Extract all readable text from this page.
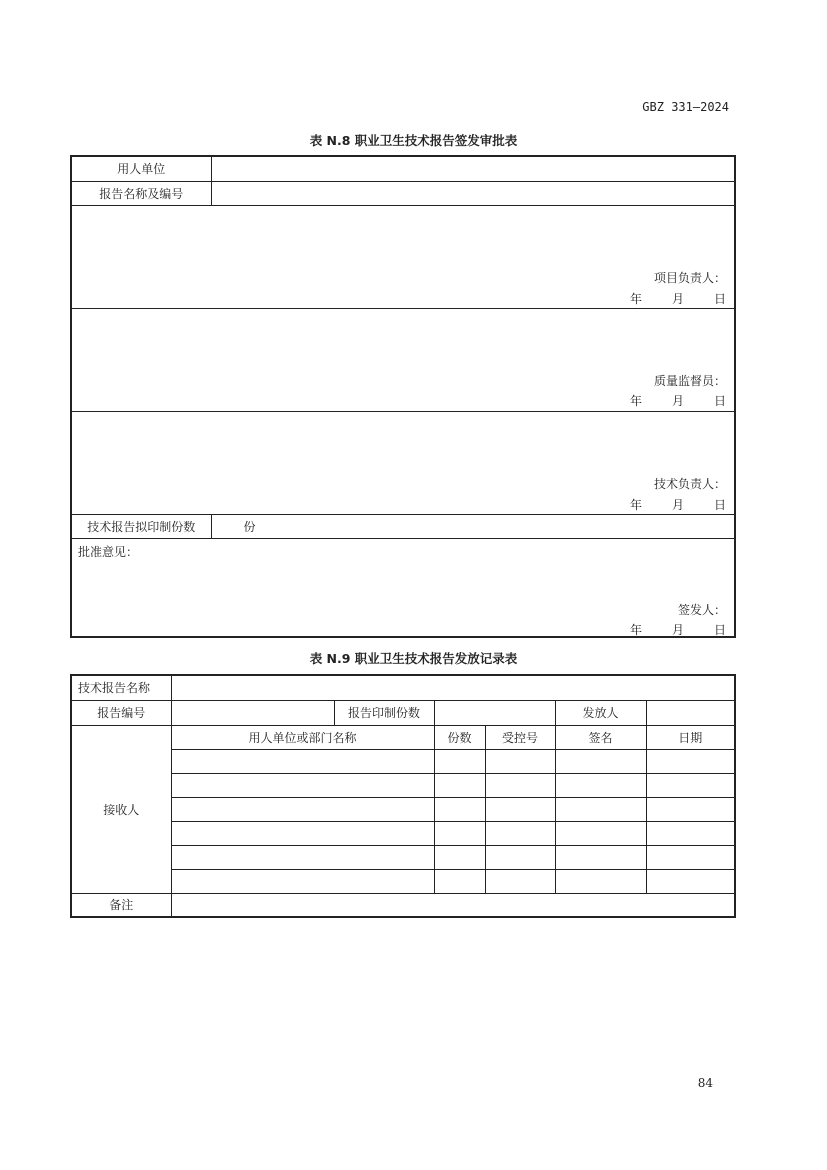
GBZ 331—2024
表 N.8 职业卫生技术报告签发审批表
用人单位	
报告名称及编号	

项目负责人：
年 月 日	

质量监督员：
年 月 日	

技术负责人：
年 月 日	

技术报告拟印制份数	份

批准意见：
签发人：
年 月 日	
表 N.9 职业卫生技术报告发放记录表
技术报告名称						
报告编号		报告印制份数			发放人	
接收人	用人单位或部门名称		份数	受控号	签名	日期

备注						
84
